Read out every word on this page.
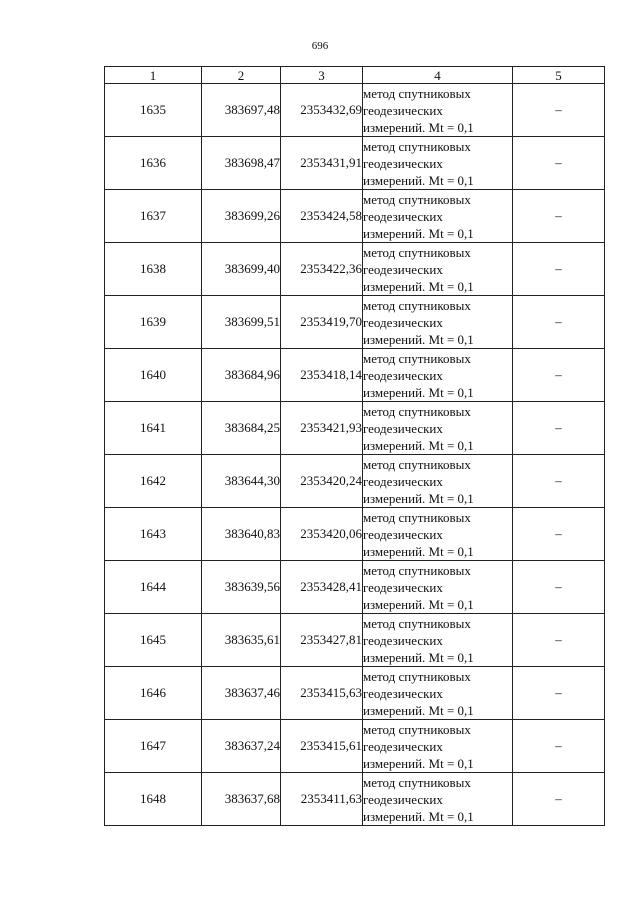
696
1	2	3	4	5
1635	383697,48	2353432,69	метод спутниковых
геодезических
измерений. Mt = 0,1	–
1636	383698,47	2353431,91	метод спутниковых
геодезических
измерений. Mt = 0,1	–
1637	383699,26	2353424,58	метод спутниковых
геодезических
измерений. Mt = 0,1	–
1638	383699,40	2353422,36	метод спутниковых
геодезических
измерений. Mt = 0,1	–
1639	383699,51	2353419,70	метод спутниковых
геодезических
измерений. Mt = 0,1	–
1640	383684,96	2353418,14	метод спутниковых
геодезических
измерений. Mt = 0,1	–
1641	383684,25	2353421,93	метод спутниковых
геодезических
измерений. Mt = 0,1	–
1642	383644,30	2353420,24	метод спутниковых
геодезических
измерений. Mt = 0,1	–
1643	383640,83	2353420,06	метод спутниковых
геодезических
измерений. Mt = 0,1	–
1644	383639,56	2353428,41	метод спутниковых
геодезических
измерений. Mt = 0,1	–
1645	383635,61	2353427,81	метод спутниковых
геодезических
измерений. Mt = 0,1	–
1646	383637,46	2353415,63	метод спутниковых
геодезических
измерений. Mt = 0,1	–
1647	383637,24	2353415,61	метод спутниковых
геодезических
измерений. Mt = 0,1	–
1648	383637,68	2353411,63	метод спутниковых
геодезических
измерений. Mt = 0,1	–
